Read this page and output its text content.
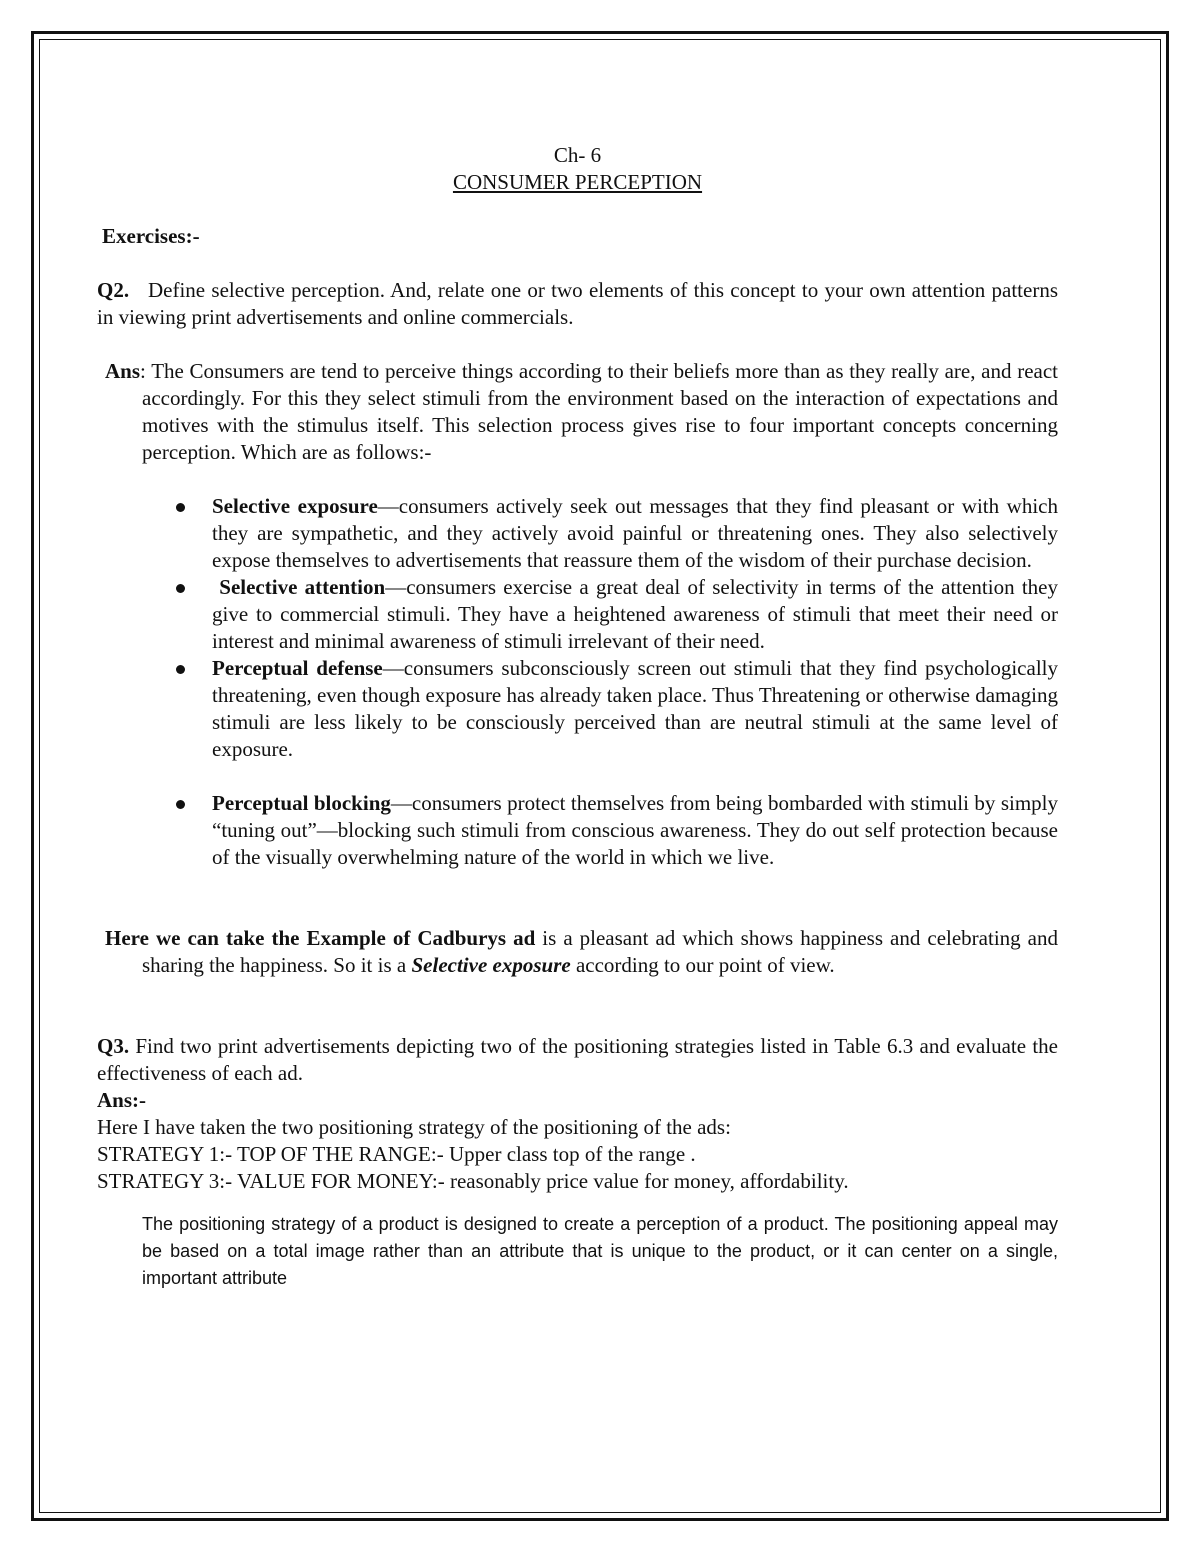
Ch- 6

CONSUMER PERCEPTION

Exercises:-

Q2. Define selective perception. And, relate one or two elements of this concept to your own attention patterns in viewing print advertisements and online commercials.

Ans: The Consumers are tend to perceive things according to their beliefs more than as they really are, and react accordingly. For this they select stimuli from the environment based on the interaction of expectations and motives with the stimulus itself. This selection process gives rise to four important concepts concerning perception. Which are as follows:-

Selective exposure—consumers actively seek out messages that they find pleasant or with which they are sympathetic, and they actively avoid painful or threatening ones. They also selectively expose themselves to advertisements that reassure them of the wisdom of their purchase decision.
Selective attention—consumers exercise a great deal of selectivity in terms of the attention they give to commercial stimuli. They have a heightened awareness of stimuli that meet their need or interest and minimal awareness of stimuli irrelevant of their need.
Perceptual defense—consumers subconsciously screen out stimuli that they find psychologically threatening, even though exposure has already taken place. Thus Threatening or otherwise damaging stimuli are less likely to be consciously perceived than are neutral stimuli at the same level of exposure.
Perceptual blocking—consumers protect themselves from being bombarded with stimuli by simply “tuning out”—blocking such stimuli from conscious awareness. They do out self protection because of the visually overwhelming nature of the world in which we live.

Here we can take the Example of Cadburys ad is a pleasant ad which shows happiness and celebrating and sharing the happiness. So it is a Selective exposure according to our point of view.

Q3. Find two print advertisements depicting two of the positioning strategies listed in Table 6.3 and evaluate the effectiveness of each ad.

Ans:-

Here I have taken the two positioning strategy of the positioning of the ads:

STRATEGY 1:- TOP OF THE RANGE:- Upper class top of the range .

STRATEGY 3:- VALUE FOR MONEY:- reasonably price value for money, affordability.

The positioning strategy of a product is designed to create a perception of a product. The positioning appeal may be based on a total image rather than an attribute that is unique to the product, or it can center on a single, important attribute
